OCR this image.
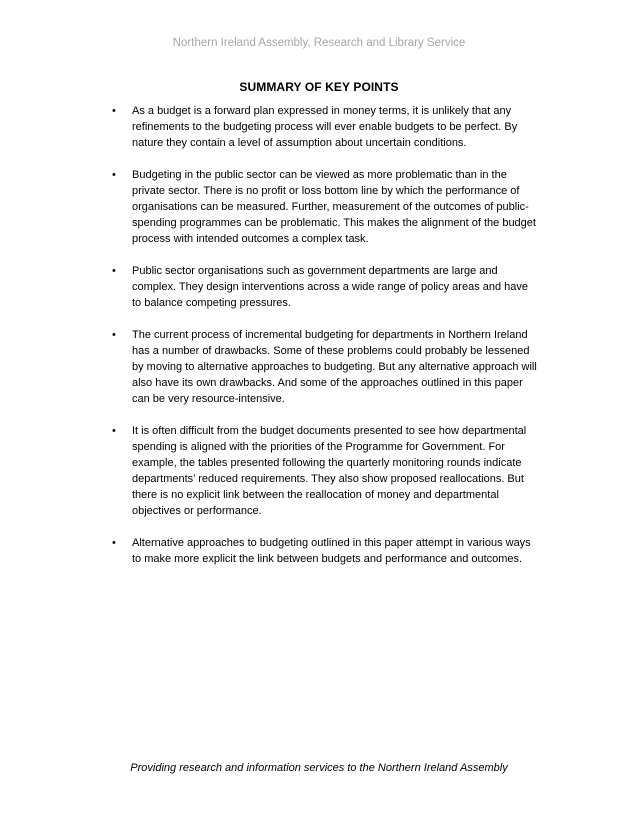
Northern Ireland Assembly, Research and Library Service
SUMMARY OF KEY POINTS
• As a budget is a forward plan expressed in money terms, it is unlikely that any refinements to the budgeting process will ever enable budgets to be perfect. By nature they contain a level of assumption about uncertain conditions.
• Budgeting in the public sector can be viewed as more problematic than in the private sector. There is no profit or loss bottom line by which the performance of organisations can be measured. Further, measurement of the outcomes of public-spending programmes can be problematic. This makes the alignment of the budget process with intended outcomes a complex task.
• Public sector organisations such as government departments are large and complex. They design interventions across a wide range of policy areas and have to balance competing pressures.
• The current process of incremental budgeting for departments in Northern Ireland has a number of drawbacks. Some of these problems could probably be lessened by moving to alternative approaches to budgeting. But any alternative approach will also have its own drawbacks. And some of the approaches outlined in this paper can be very resource-intensive.
• It is often difficult from the budget documents presented to see how departmental spending is aligned with the priorities of the Programme for Government. For example, the tables presented following the quarterly monitoring rounds indicate departments’ reduced requirements. They also show proposed reallocations. But there is no explicit link between the reallocation of money and departmental objectives or performance.
• Alternative approaches to budgeting outlined in this paper attempt in various ways to make more explicit the link between budgets and performance and outcomes.
Providing research and information services to the Northern Ireland Assembly
